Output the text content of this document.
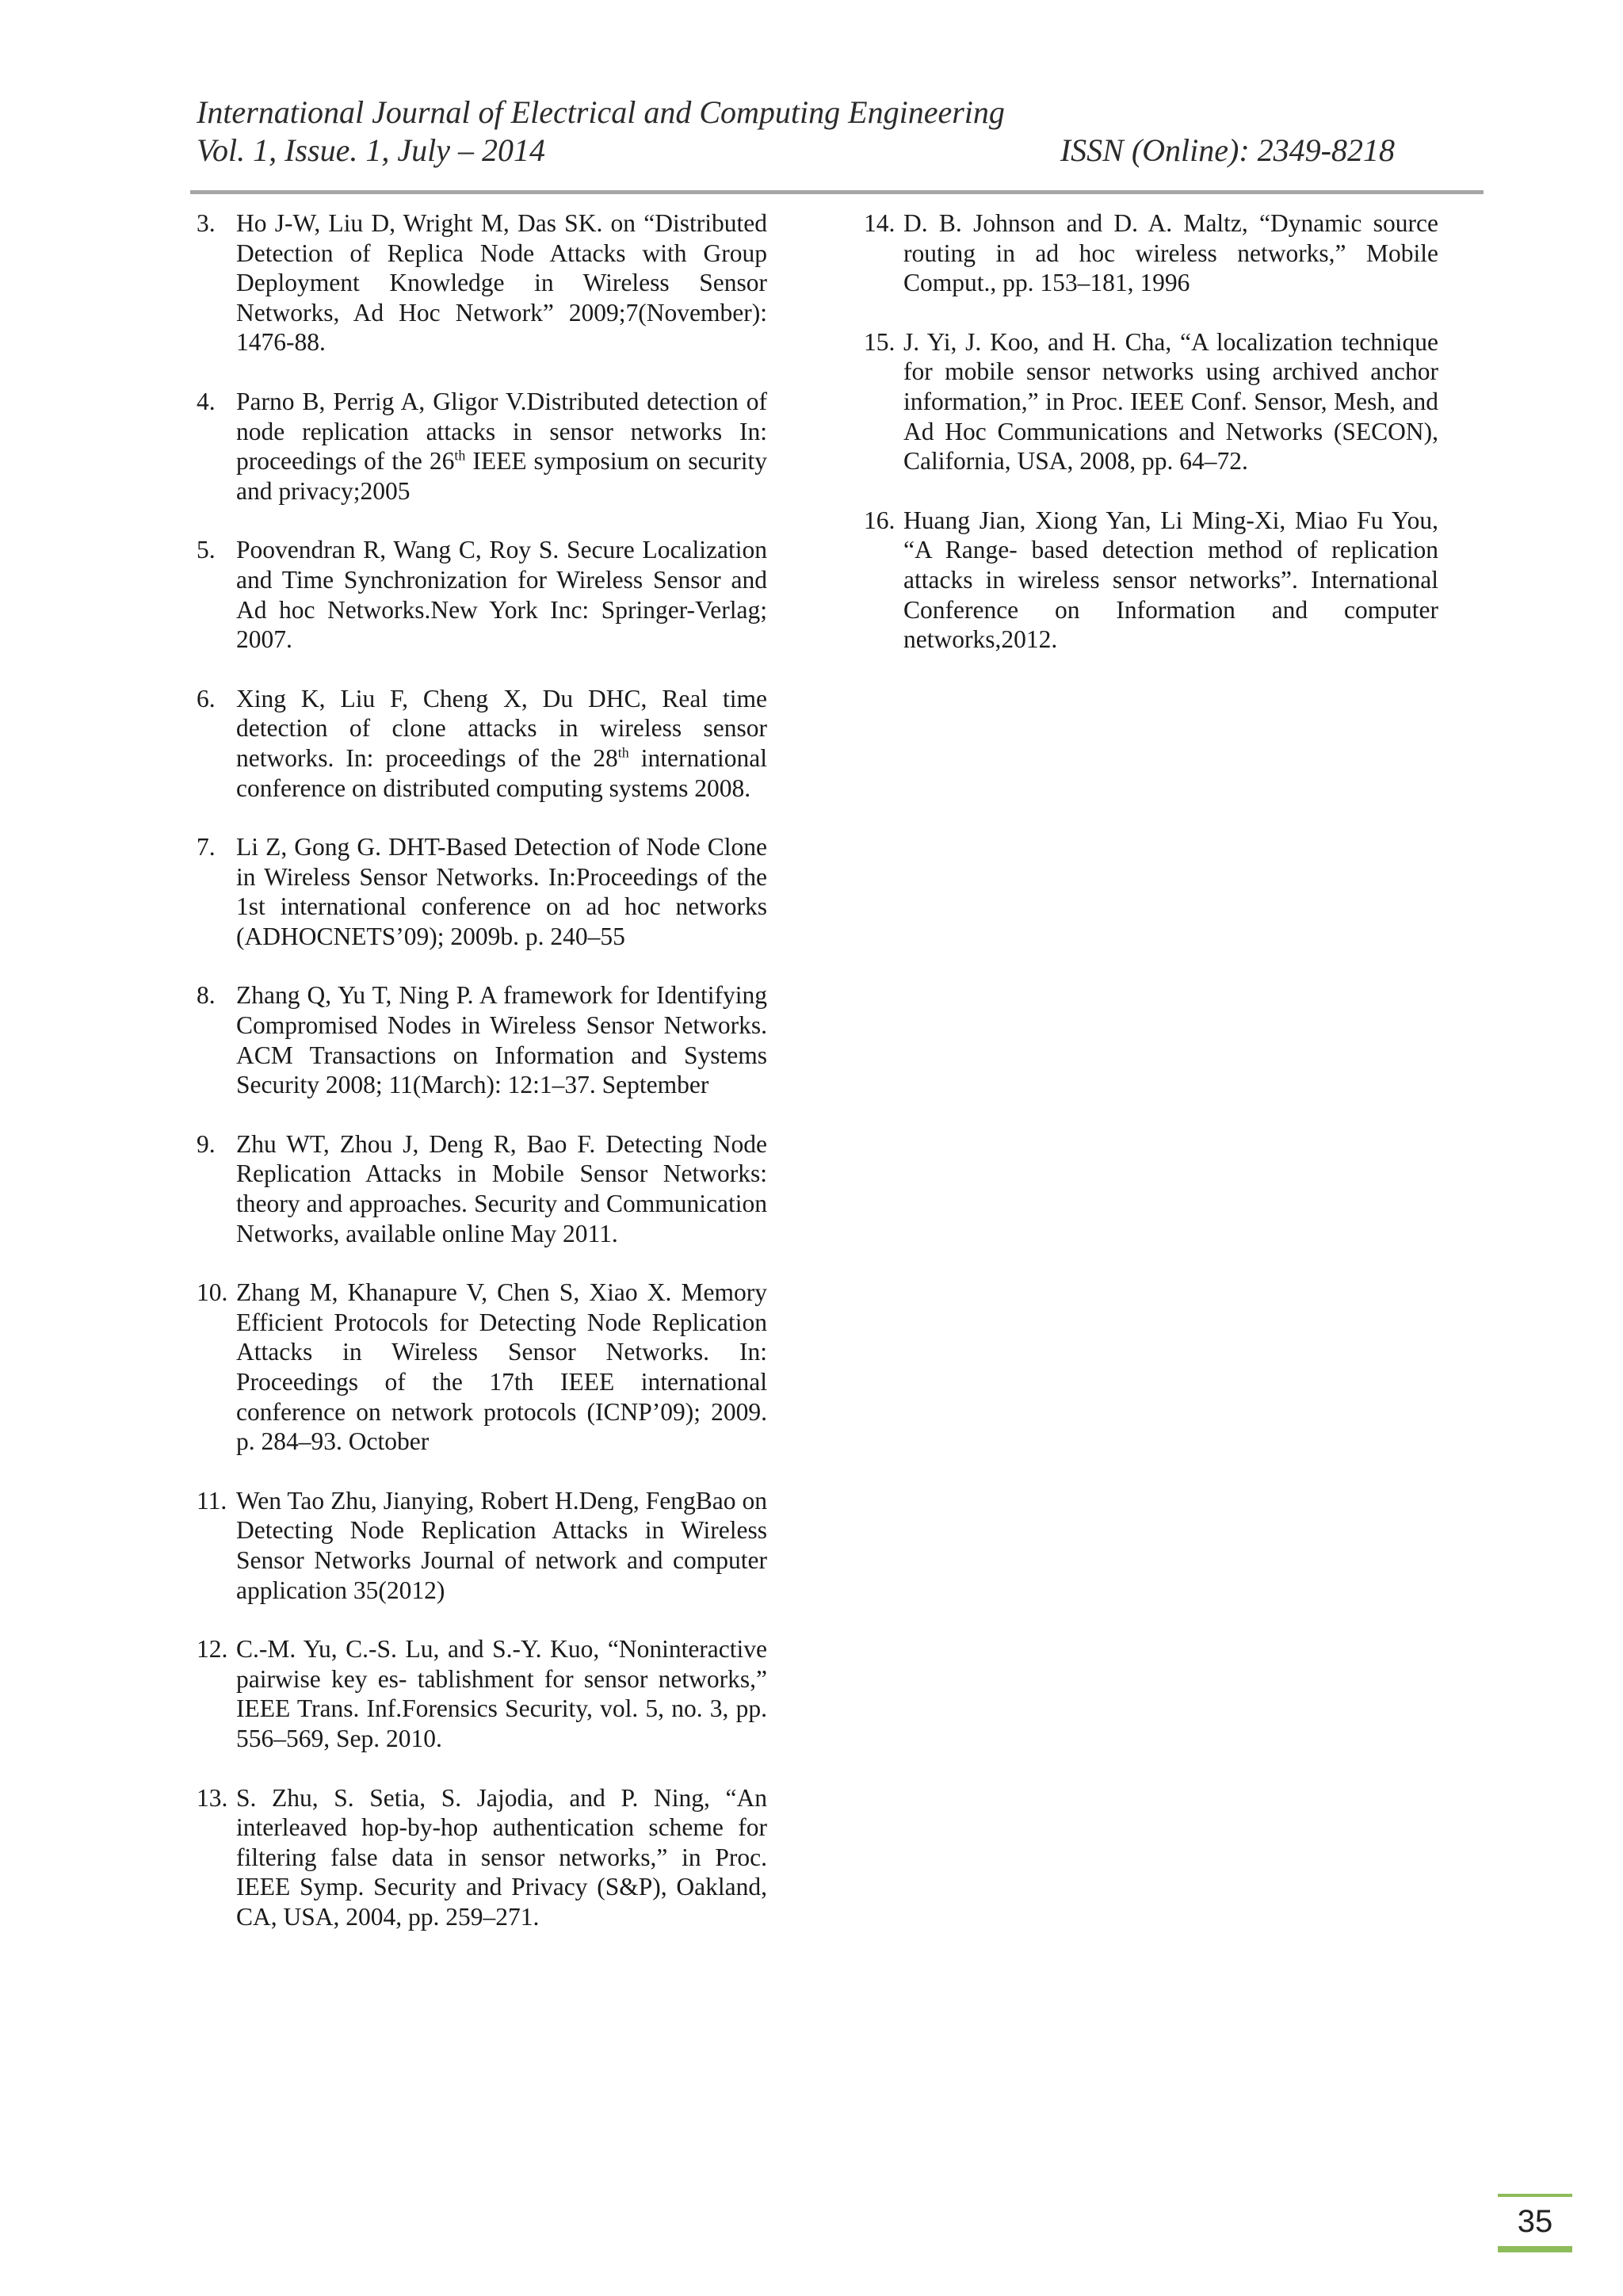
International Journal of Electrical and Computing Engineering
Vol. 1, Issue. 1, July – 2014	ISSN (Online): 2349-8218
3. Ho J-W, Liu D, Wright M, Das SK. on “Distributed Detection of Replica Node Attacks with Group Deployment Knowledge in Wireless Sensor Networks, Ad Hoc Network” 2009;7(November): 1476-88.
4. Parno B, Perrig A, Gligor V.Distributed detection of node replication attacks in sensor networks In: proceedings of the 26th IEEE symposium on security and privacy;2005
5. Poovendran R, Wang C, Roy S. Secure Localization and Time Synchronization for Wireless Sensor and Ad hoc Networks.New York Inc: Springer-Verlag; 2007.
6. Xing K, Liu F, Cheng X, Du DHC, Real time detection of clone attacks in wireless sensor networks. In: proceedings of the 28th international conference on distributed computing systems 2008.
7. Li Z, Gong G. DHT-Based Detection of Node Clone in Wireless Sensor Networks. In:Proceedings of the 1st international conference on ad hoc networks (ADHOCNETS’09); 2009b. p. 240–55
8. Zhang Q, Yu T, Ning P. A framework for Identifying Compromised Nodes in Wireless Sensor Networks. ACM Transactions on Information and Systems Security 2008; 11(March): 12:1–37. September
9. Zhu WT, Zhou J, Deng R, Bao F. Detecting Node Replication Attacks in Mobile Sensor Networks: theory and approaches. Security and Communication Networks, available online May 2011.
10. Zhang M, Khanapure V, Chen S, Xiao X. Memory Efficient Protocols for Detecting Node Replication Attacks in Wireless Sensor Networks. In: Proceedings of the 17th IEEE international conference on network protocols (ICNP’09); 2009. p. 284–93. October
11. Wen Tao Zhu, Jianying, Robert H.Deng, FengBao on Detecting Node Replication Attacks in Wireless Sensor Networks Journal of network and computer application 35(2012)
12. C.-M. Yu, C.-S. Lu, and S.-Y. Kuo, “Noninteractive pairwise key es- tablishment for sensor networks,” IEEE Trans. Inf.Forensics Security, vol. 5, no. 3, pp. 556–569, Sep. 2010.
13. S. Zhu, S. Setia, S. Jajodia, and P. Ning, “An interleaved hop-by-hop authentication scheme for filtering false data in sensor networks,” in Proc. IEEE Symp. Security and Privacy (S&P), Oakland, CA, USA, 2004, pp. 259–271.
14. D. B. Johnson and D. A. Maltz, “Dynamic source routing in ad hoc wireless networks,” Mobile Comput., pp. 153–181, 1996
15. J. Yi, J. Koo, and H. Cha, “A localization technique for mobile sensor networks using archived anchor information,” in Proc. IEEE Conf. Sensor, Mesh, and Ad Hoc Communications and Networks (SECON), California, USA, 2008, pp. 64–72.
16. Huang Jian, Xiong Yan, Li Ming-Xi, Miao Fu You, “A Range- based detection method of replication attacks in wireless sensor networks”. International Conference on Information and computer networks,2012.
35
